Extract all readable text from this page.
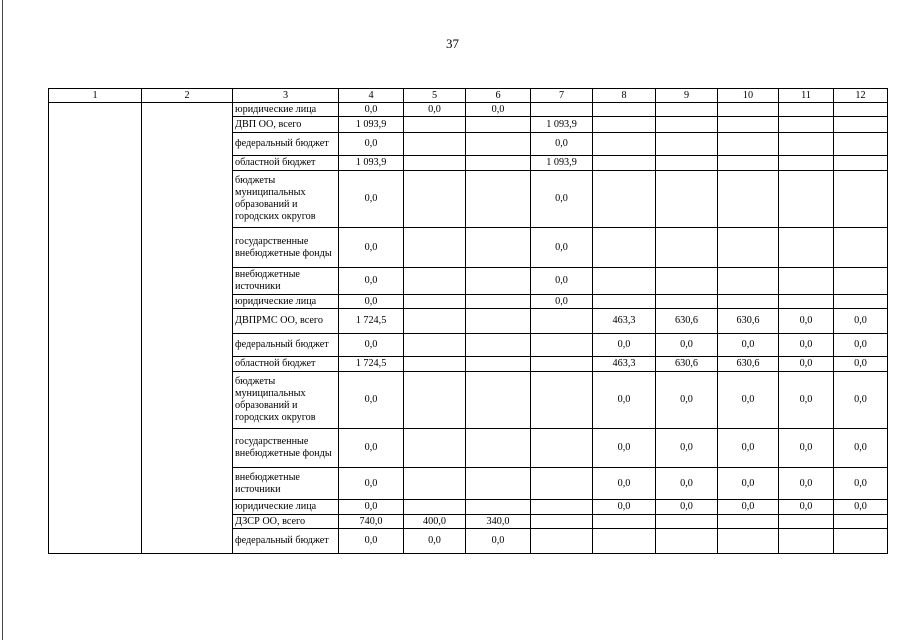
37
1	2	3	4	5	6	7	8	9	10	11	12
		юридические лица	0,0	0,0	0,0						
		ДВП ОО, всего	1 093,9			1 093,9					
		федеральный бюджет	0,0			0,0					
		областной бюджет	1 093,9			1 093,9					
		бюджеты муниципальных образований и городских округов	0,0			0,0					
		государственные внебюджетные фонды	0,0			0,0					
		внебюджетные источники	0,0			0,0					
		юридические лица	0,0			0,0					
		ДВПРМС ОО, всего	1 724,5				463,3	630,6	630,6	0,0	0,0
		федеральный бюджет	0,0				0,0	0,0	0,0	0,0	0,0
		областной бюджет	1 724,5				463,3	630,6	630,6	0,0	0,0
		бюджеты муниципальных образований и городских округов	0,0				0,0	0,0	0,0	0,0	0,0
		государственные внебюджетные фонды	0,0				0,0	0,0	0,0	0,0	0,0
		внебюджетные источники	0,0				0,0	0,0	0,0	0,0	0,0
		юридические лица	0,0				0,0	0,0	0,0	0,0	0,0
		ДЗСР ОО, всего	740,0	400,0	340,0						
		федеральный бюджет	0,0	0,0	0,0						
